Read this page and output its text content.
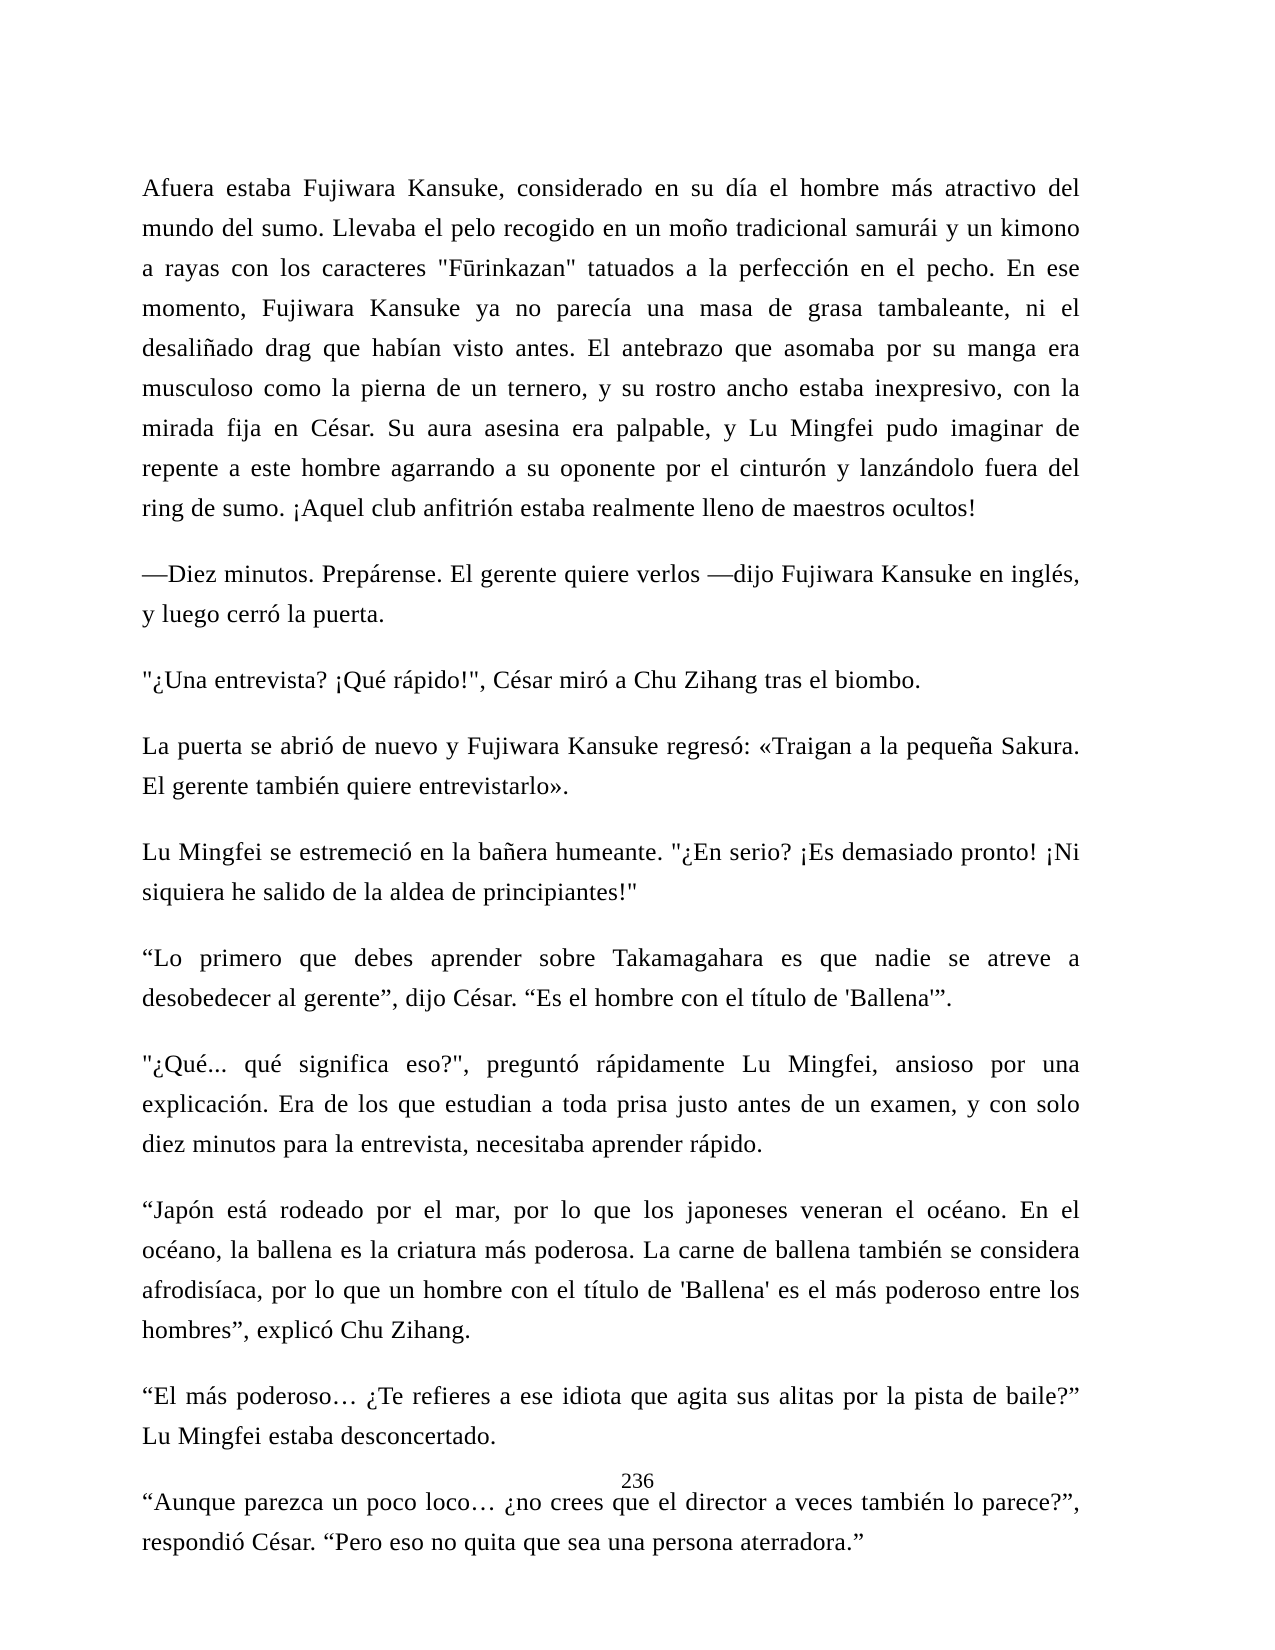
Afuera estaba Fujiwara Kansuke, considerado en su día el hombre más atractivo del mundo del sumo. Llevaba el pelo recogido en un moño tradicional samurái y un kimono a rayas con los caracteres "Fūrinkazan" tatuados a la perfección en el pecho. En ese momento, Fujiwara Kansuke ya no parecía una masa de grasa tambaleante, ni el desaliñado drag que habían visto antes. El antebrazo que asomaba por su manga era musculoso como la pierna de un ternero, y su rostro ancho estaba inexpresivo, con la mirada fija en César. Su aura asesina era palpable, y Lu Mingfei pudo imaginar de repente a este hombre agarrando a su oponente por el cinturón y lanzándolo fuera del ring de sumo. ¡Aquel club anfitrión estaba realmente lleno de maestros ocultos!

—Diez minutos. Prepárense. El gerente quiere verlos —dijo Fujiwara Kansuke en inglés, y luego cerró la puerta.

"¿Una entrevista? ¡Qué rápido!", César miró a Chu Zihang tras el biombo.

La puerta se abrió de nuevo y Fujiwara Kansuke regresó: «Traigan a la pequeña Sakura. El gerente también quiere entrevistarlo».

Lu Mingfei se estremeció en la bañera humeante. "¿En serio? ¡Es demasiado pronto! ¡Ni siquiera he salido de la aldea de principiantes!"

“Lo primero que debes aprender sobre Takamagahara es que nadie se atreve a desobedecer al gerente”, dijo César. “Es el hombre con el título de 'Ballena'”.

"¿Qué... qué significa eso?", preguntó rápidamente Lu Mingfei, ansioso por una explicación. Era de los que estudian a toda prisa justo antes de un examen, y con solo diez minutos para la entrevista, necesitaba aprender rápido.

“Japón está rodeado por el mar, por lo que los japoneses veneran el océano. En el océano, la ballena es la criatura más poderosa. La carne de ballena también se considera afrodisíaca, por lo que un hombre con el título de 'Ballena' es el más poderoso entre los hombres”, explicó Chu Zihang.

“El más poderoso… ¿Te refieres a ese idiota que agita sus alitas por la pista de baile?” Lu Mingfei estaba desconcertado.

“Aunque parezca un poco loco… ¿no crees que el director a veces también lo parece?”, respondió César. “Pero eso no quita que sea una persona aterradora.”

236
